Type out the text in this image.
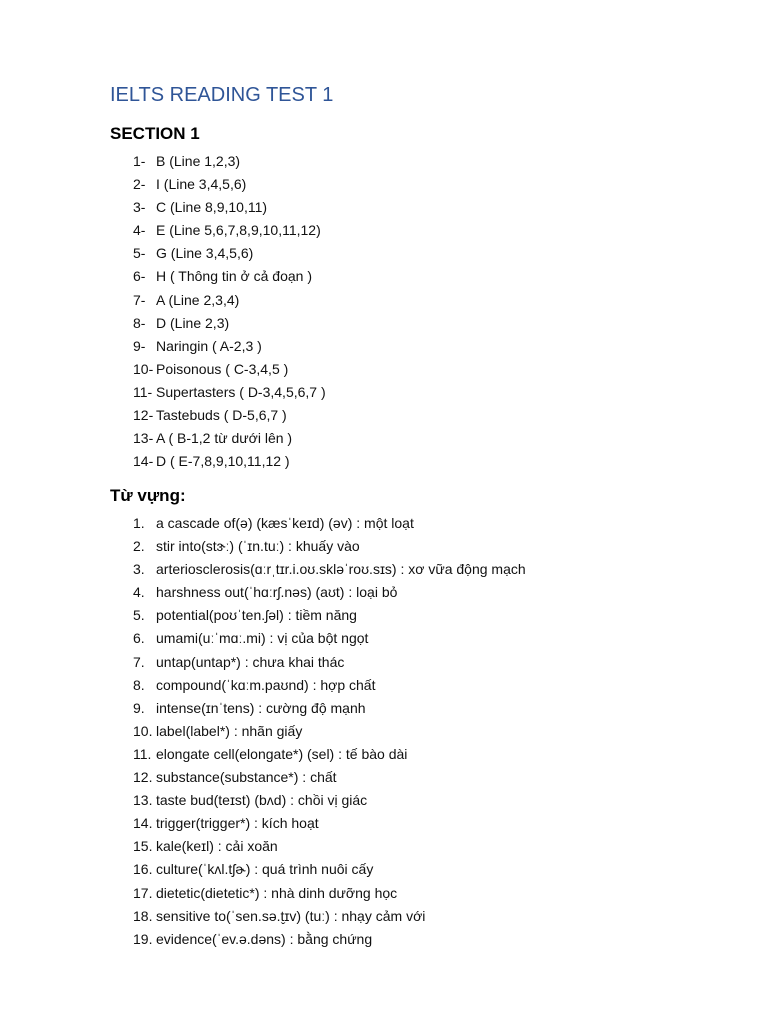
IELTS READING TEST 1
SECTION 1
1- B (Line 1,2,3)
2- I (Line 3,4,5,6)
3- C (Line 8,9,10,11)
4- E (Line 5,6,7,8,9,10,11,12)
5- G (Line 3,4,5,6)
6- H ( Thông tin ở cả đoạn )
7- A (Line 2,3,4)
8- D (Line 2,3)
9- Naringin ( A-2,3 )
10- Poisonous ( C-3,4,5 )
11- Supertasters ( D-3,4,5,6,7 )
12- Tastebuds ( D-5,6,7 )
13- A ( B-1,2 từ dưới lên )
14- D ( E-7,8,9,10,11,12 )
Từ vựng:
1. a cascade of(ə) (kæsˈkeɪd) (əv) : một loạt
2. stir into(stɝː) (ˈɪn.tuː) : khuấy vào
3. arteriosclerosis(ɑːrˌtɪr.i.oʊ.skləˈroʊ.sɪs) : xơ vữa động mạch
4. harshness out(ˈhɑːrʃ.nəs) (aʊt) : loại bỏ
5. potential(poʊˈten.ʃəl) : tiềm năng
6. umami(uːˈmɑː.mi) : vị của bột ngọt
7. untap(untap*) : chưa khai thác
8. compound(ˈkɑːm.paʊnd) : hợp chất
9. intense(ɪnˈtens) : cường độ mạnh
10. label(label*) : nhãn giấy
11. elongate cell(elongate*) (sel) : tế bào dài
12. substance(substance*) : chất
13. taste bud(teɪst) (bʌd) : chồi vị giác
14. trigger(trigger*) : kích hoạt
15. kale(keɪl) : cải xoăn
16. culture(ˈkʌl.tʃɚ) : quá trình nuôi cấy
17. dietetic(dietetic*) : nhà dinh dưỡng học
18. sensitive to(ˈsen.sə.t̬ɪv) (tuː) : nhạy cảm với
19. evidence(ˈev.ə.dəns) : bằng chứng
